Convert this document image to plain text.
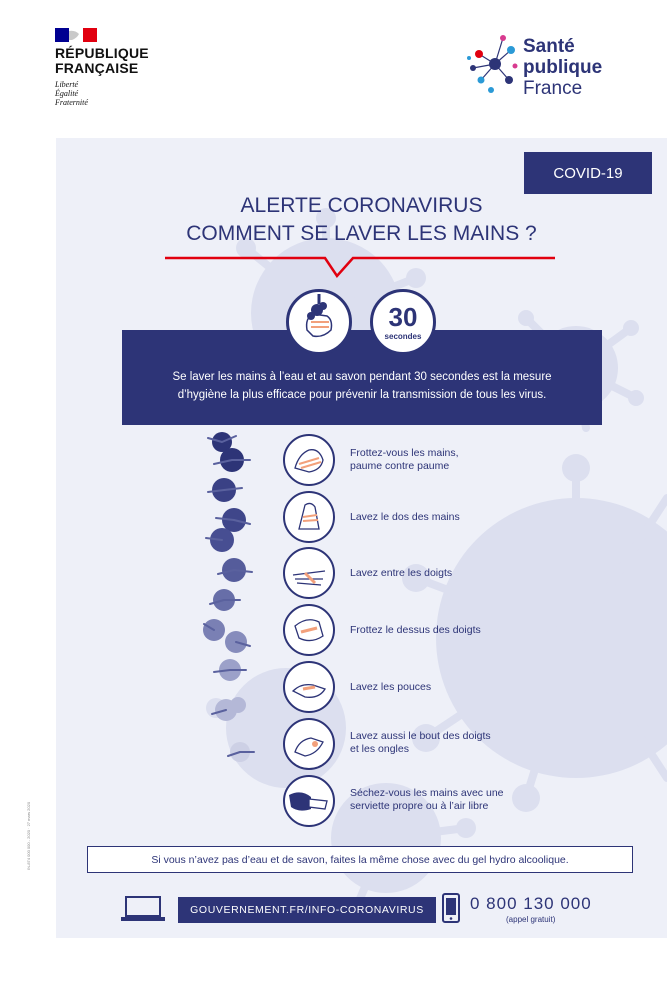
RÉPUBLIQUE
FRANÇAISE
Liberté
Égalité
Fraternité
Santé
publique
France
COVID-19
ALERTE CORONAVIRUS
COMMENT SE LAVER LES MAINS ?
Se laver les mains à l’eau et au savon pendant 30 secondes est la mesure
d’hygiène la plus efficace pour prévenir la transmission de tous les virus.
30
secondes
Frottez-vous les mains,
paume contre paume
Lavez le dos des mains
Lavez entre les doigts
Frottez le dessus des doigts
Lavez les pouces
Lavez aussi le bout des doigts
et les ongles
Séchez-vous les mains avec une
serviette propre ou à l’air libre
Si vous n’avez pas d’eau et de savon, faites la même chose avec du gel hydro alcoolique.
GOUVERNEMENT.FR/INFO-CORONAVIRUS	0 800 130 000
(appel gratuit)
IN-874 000 000 - 2020 · 27 mars 2020
